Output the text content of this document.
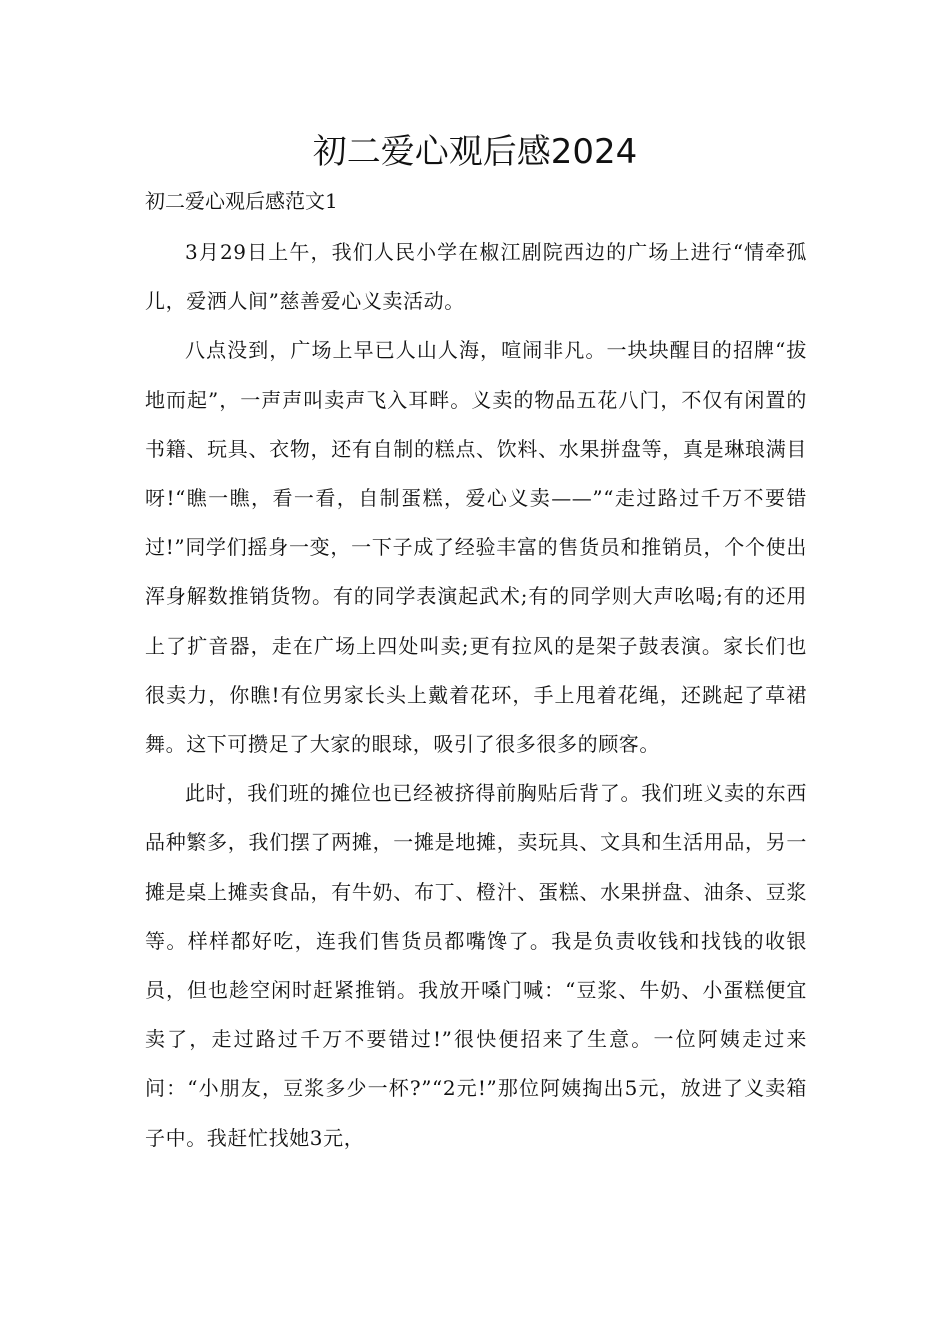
初二爱心观后感2024
初二爱心观后感范文1

3月29日上午，我们人民小学在椒江剧院西边的广场上进行“情牵孤儿，爱洒人间”慈善爱心义卖活动。

八点没到，广场上早已人山人海，喧闹非凡。一块块醒目的招牌“拔地而起”，一声声叫卖声飞入耳畔。义卖的物品五花八门，不仅有闲置的书籍、玩具、衣物，还有自制的糕点、饮料、水果拼盘等，真是琳琅满目呀!“瞧一瞧，看一看，自制蛋糕，爱心义卖——”“走过路过千万不要错过!”同学们摇身一变，一下子成了经验丰富的售货员和推销员，个个使出浑身解数推销货物。有的同学表演起武术;有的同学则大声吆喝;有的还用上了扩音器，走在广场上四处叫卖;更有拉风的是架子鼓表演。家长们也很卖力，你瞧!有位男家长头上戴着花环，手上甩着花绳，还跳起了草裙舞。这下可攒足了大家的眼球，吸引了很多很多的顾客。

此时，我们班的摊位也已经被挤得前胸贴后背了。我们班义卖的东西品种繁多，我们摆了两摊，一摊是地摊，卖玩具、文具和生活用品，另一摊是桌上摊卖食品，有牛奶、布丁、橙汁、蛋糕、水果拼盘、油条、豆浆等。样样都好吃，连我们售货员都嘴馋了。我是负责收钱和找钱的收银员，但也趁空闲时赶紧推销。我放开嗓门喊：“豆浆、牛奶、小蛋糕便宜卖了，走过路过千万不要错过!”很快便招来了生意。一位阿姨走过来问：“小朋友，豆浆多少一杯?”“2元!”那位阿姨掏出5元，放进了义卖箱子中。我赶忙找她3元，
